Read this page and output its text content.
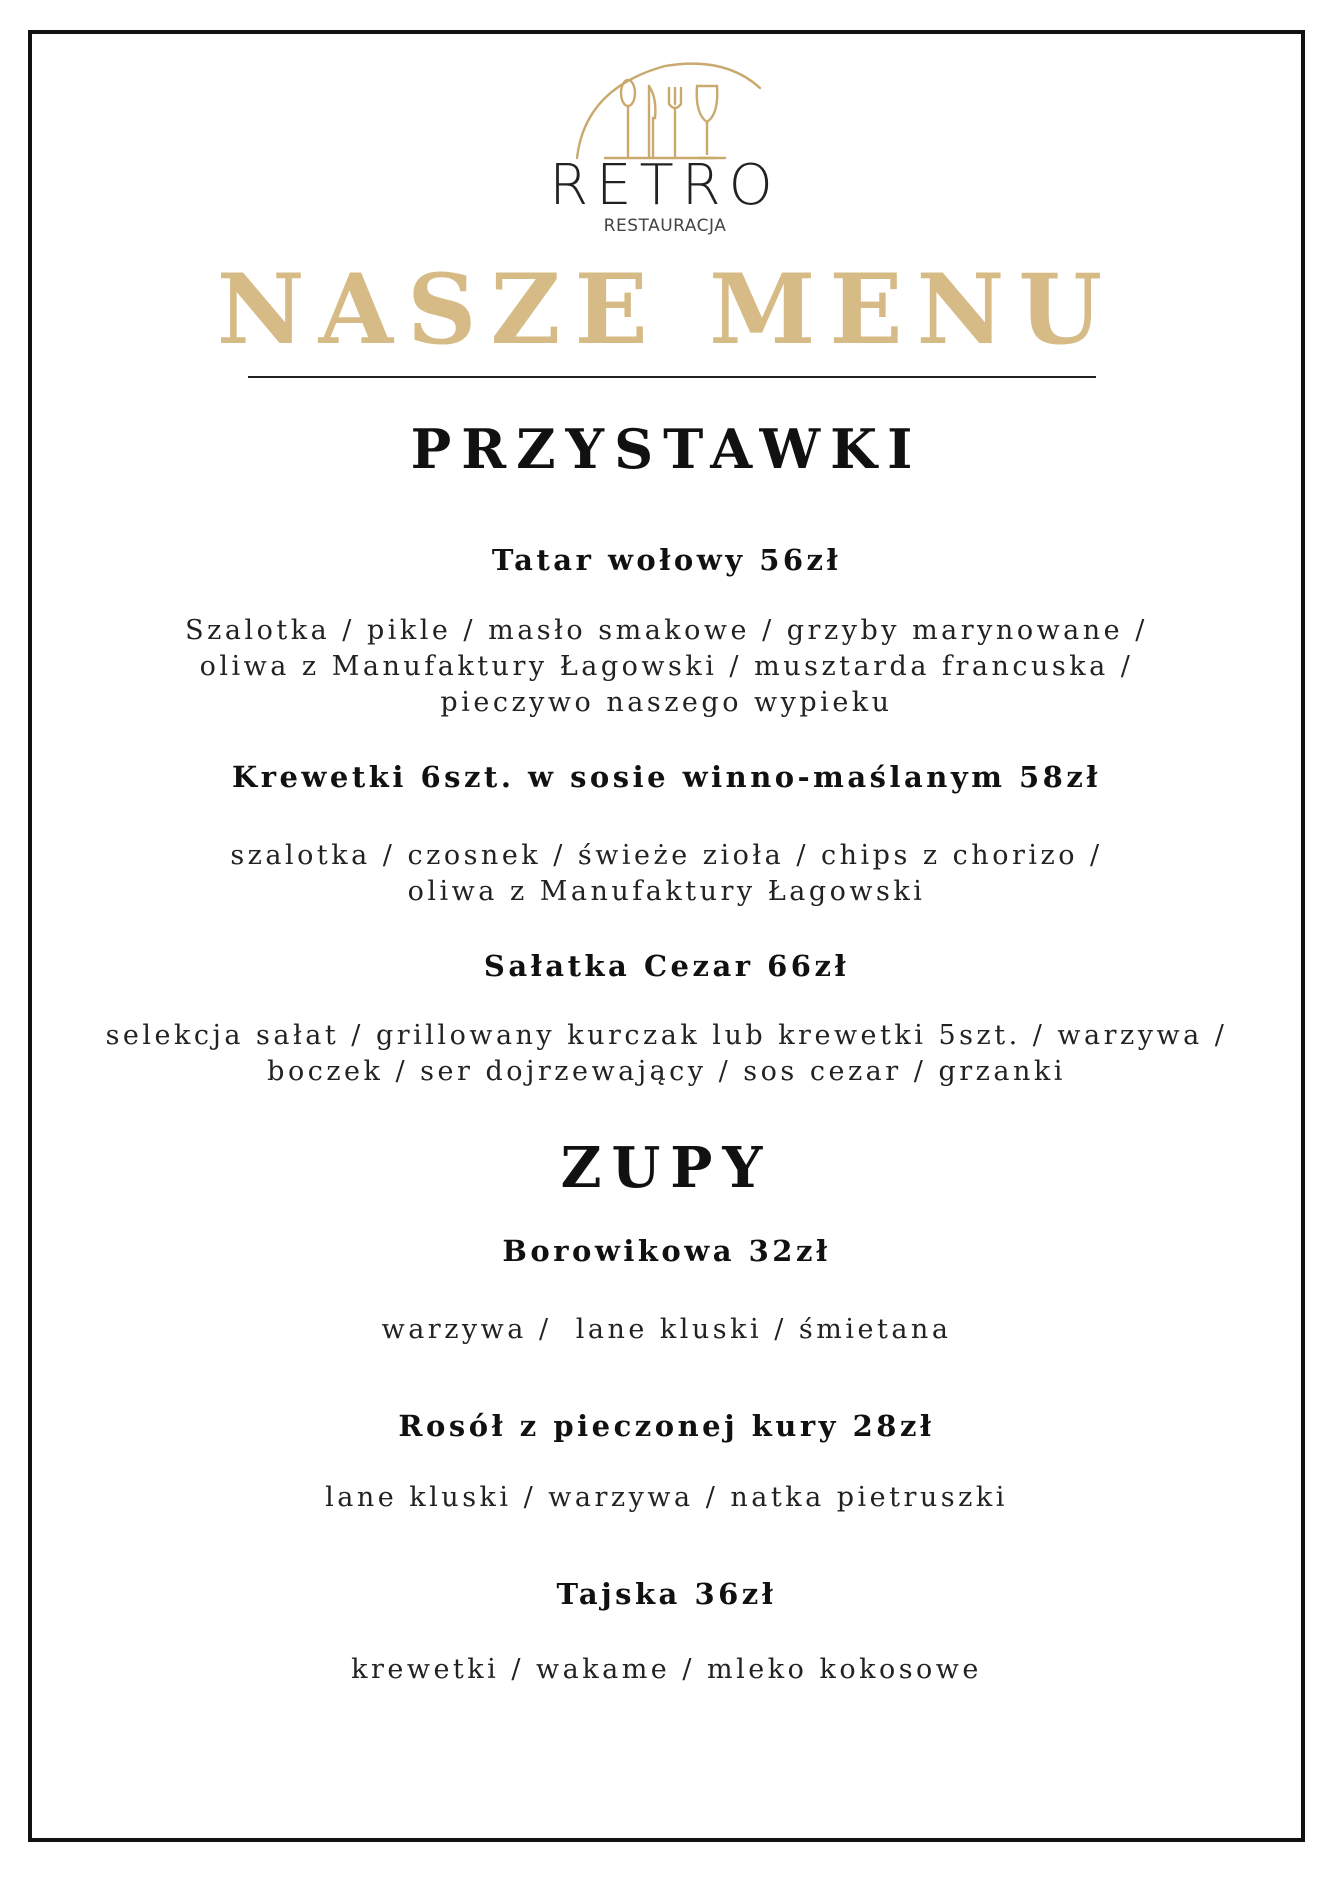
RETRO
RESTAURACJA
NASZE MENU
PRZYSTAWKI
Tatar wołowy 56zł
Szalotka / pikle / masło smakowe / grzyby marynowane /
oliwa z Manufaktury Łagowski / musztarda francuska /
pieczywo naszego wypieku
Krewetki 6szt. w sosie winno-maślanym 58zł
szalotka / czosnek / świeże zioła / chips z chorizo /
oliwa z Manufaktury Łagowski
Sałatka Cezar 66zł
selekcja sałat / grillowany kurczak lub krewetki 5szt. / warzywa /
boczek / ser dojrzewający / sos cezar / grzanki
ZUPY
Borowikowa 32zł
warzywa /  lane kluski / śmietana
Rosół z pieczonej kury 28zł
lane kluski / warzywa / natka pietruszki
Tajska 36zł
krewetki / wakame / mleko kokosowe
